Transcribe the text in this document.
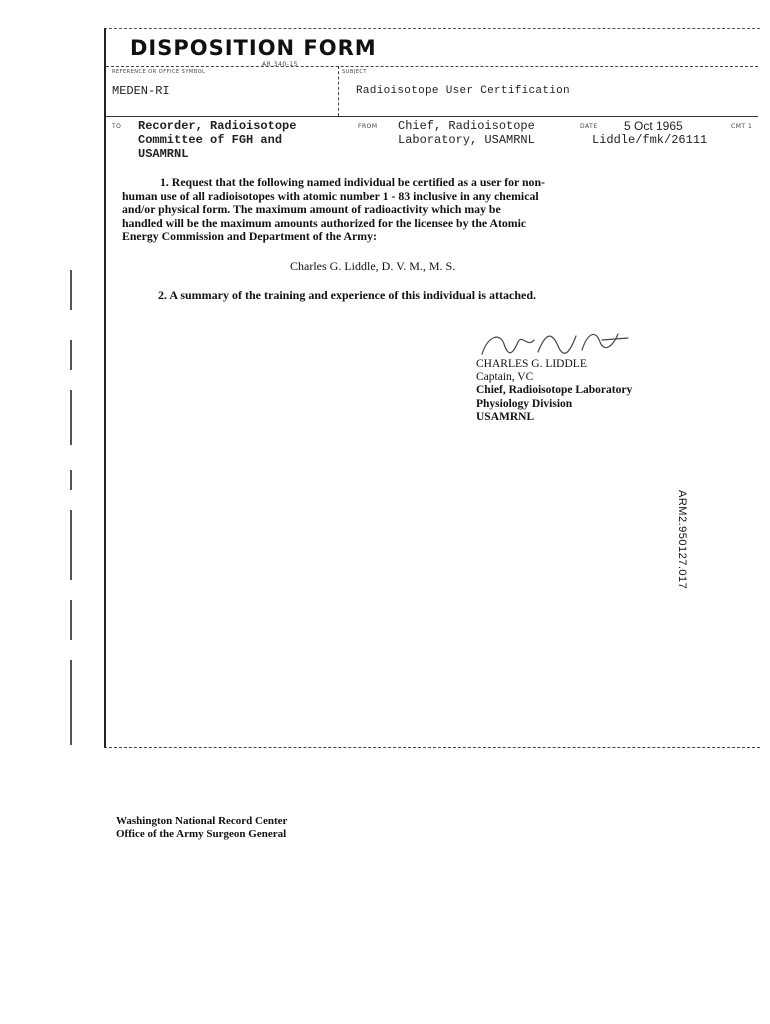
DISPOSITION FORM
AR 340-15
REFERENCE OR OFFICE SYMBOL	SUBJECT
MEDEN-RI	Radioisotope User Certification
TO Recorder, Radioisotope
Committee of FGH and
USAMRNL
FROM Chief, Radioisotope
Laboratory, USAMRNL
DATE 5 Oct 1965	CMT 1
Liddle/fmk/26111

1. Request that the following named individual be certified as a user for non-

human use of all radioisotopes with atomic number 1 - 83 inclusive in any chemical

and/or physical form. The maximum amount of radioactivity which may be

handled will be the maximum amounts authorized for the licensee by the Atomic

Energy Commission and Department of the Army:

Charles G. Liddle, D. V. M., M. S.
2. A summary of the training and experience of this individual is attached.
CHARLES G. LIDDLE
Captain, VC
Chief, Radioisotope Laboratory
Physiology Division
USAMRNL
ARM2.950127.017
Washington National Record Center
Office of the Army Surgeon General
